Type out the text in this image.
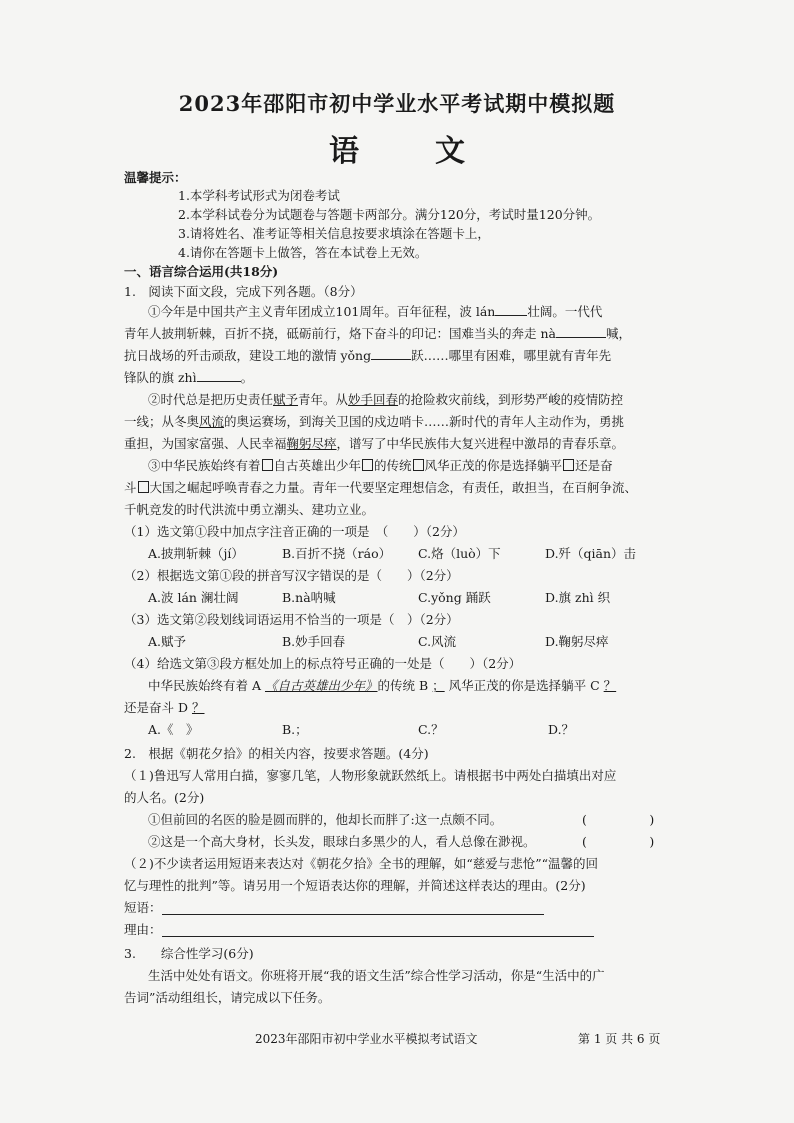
2023年邵阳市初中学业水平考试期中模拟题
语	文
温馨提示：
1.本学科考试形式为闭卷考试
2.本学科试卷分为试题卷与答题卡两部分。满分120分，考试时量120分钟。
3.请将姓名、准考证等相关信息按要求填涂在答题卡上，
4.请你在答题卡上做答，答在本试卷上无效。
一、语言综合运用(共18分)
1.　阅读下面文段，完成下列各题。（8分）
①今年是中国共产主义青年团成立101周年。百年征程，波 lán	壮阔。一代代
青年人披荆斩棘，百折不挠，砥砺前行，烙下奋斗的印记：国难当头的奔走 nà	喊，
抗日战场的歼击顽敌，建设工地的激情 yǒng	跃……哪里有困难，哪里就有青年先
锋队的旗 zhì	。
②时代总是把历史责任赋予青年。从妙手回春的抢险救灾前线，到形势严峻的疫情防控
一线；从冬奥风流的奥运赛场，到海关卫国的戍边哨卡……新时代的青年人主动作为，勇挑
重担，为国家富强、人民幸福鞠躬尽瘁，谱写了中华民族伟大复兴进程中激昂的青春乐章。
③中华民族始终有着 自古英雄出少年 的传统 风华正茂的你是选择躺平 还是奋
斗 大国之崛起呼唤青春之力量。青年一代要坚定理想信念，有责任，敢担当，在百舸争流、
千帆竞发的时代洪流中勇立潮头、建功立业。
（1）选文第①段中加点字注音正确的一项是　（　　）（2分）
A.披荆斩棘（jí）	B.百折不挠（ráo） C.烙（luò）下	D.歼（qiān）击
（2）根据选文第①段的拼音写汉字错误的是（　　）（2分）
A.波 lán 澜壮阔	B.nà呐喊	C.yǒng 踊跃	D.旗 zhì 织
（3）选文第②段划线词语运用不恰当的一项是（　）（2分）
A.赋予	B.妙手回春	C.风流	D.鞠躬尽瘁
（4）给选文第③段方框处加上的标点符号正确的一处是（　　）（2分）
中华民族始终有着 A 《自古英雄出少年》的传统 B ； 风华正茂的你是选择躺平 C ？
还是奋斗 D ？
A.《　》	B.；	C.？	D.？
2.　根据《朝花夕拾》的相关内容，按要求答题。(4分)
（１)鲁迅写人常用白描，寥寥几笔，人物形象就跃然纸上。请根据书中两处白描填出对应
的人名。(2分)
①但前回的名医的脸是圆而胖的，他却长而胖了:这一点颇不同。	(　　　　　)
②这是一个高大身材，长头发，眼球白多黑少的人，看人总像在渺视。	(　　　　　)
（２)不少读者运用短语来表达对《朝花夕拾》全书的理解，如“慈爱与悲怆”“温馨的回
忆与理性的批判”等。请另用一个短语表达你的理解，并简述这样表达的理由。(2分)
短语：
理由：
3.　　综合性学习(6分)
生活中处处有语文。你班将开展“我的语文生活”综合性学习活动，你是“生活中的广
告词”活动组组长，请完成以下任务。
2023年邵阳市初中学业水平模拟考试语文	第 1 页 共 6 页
